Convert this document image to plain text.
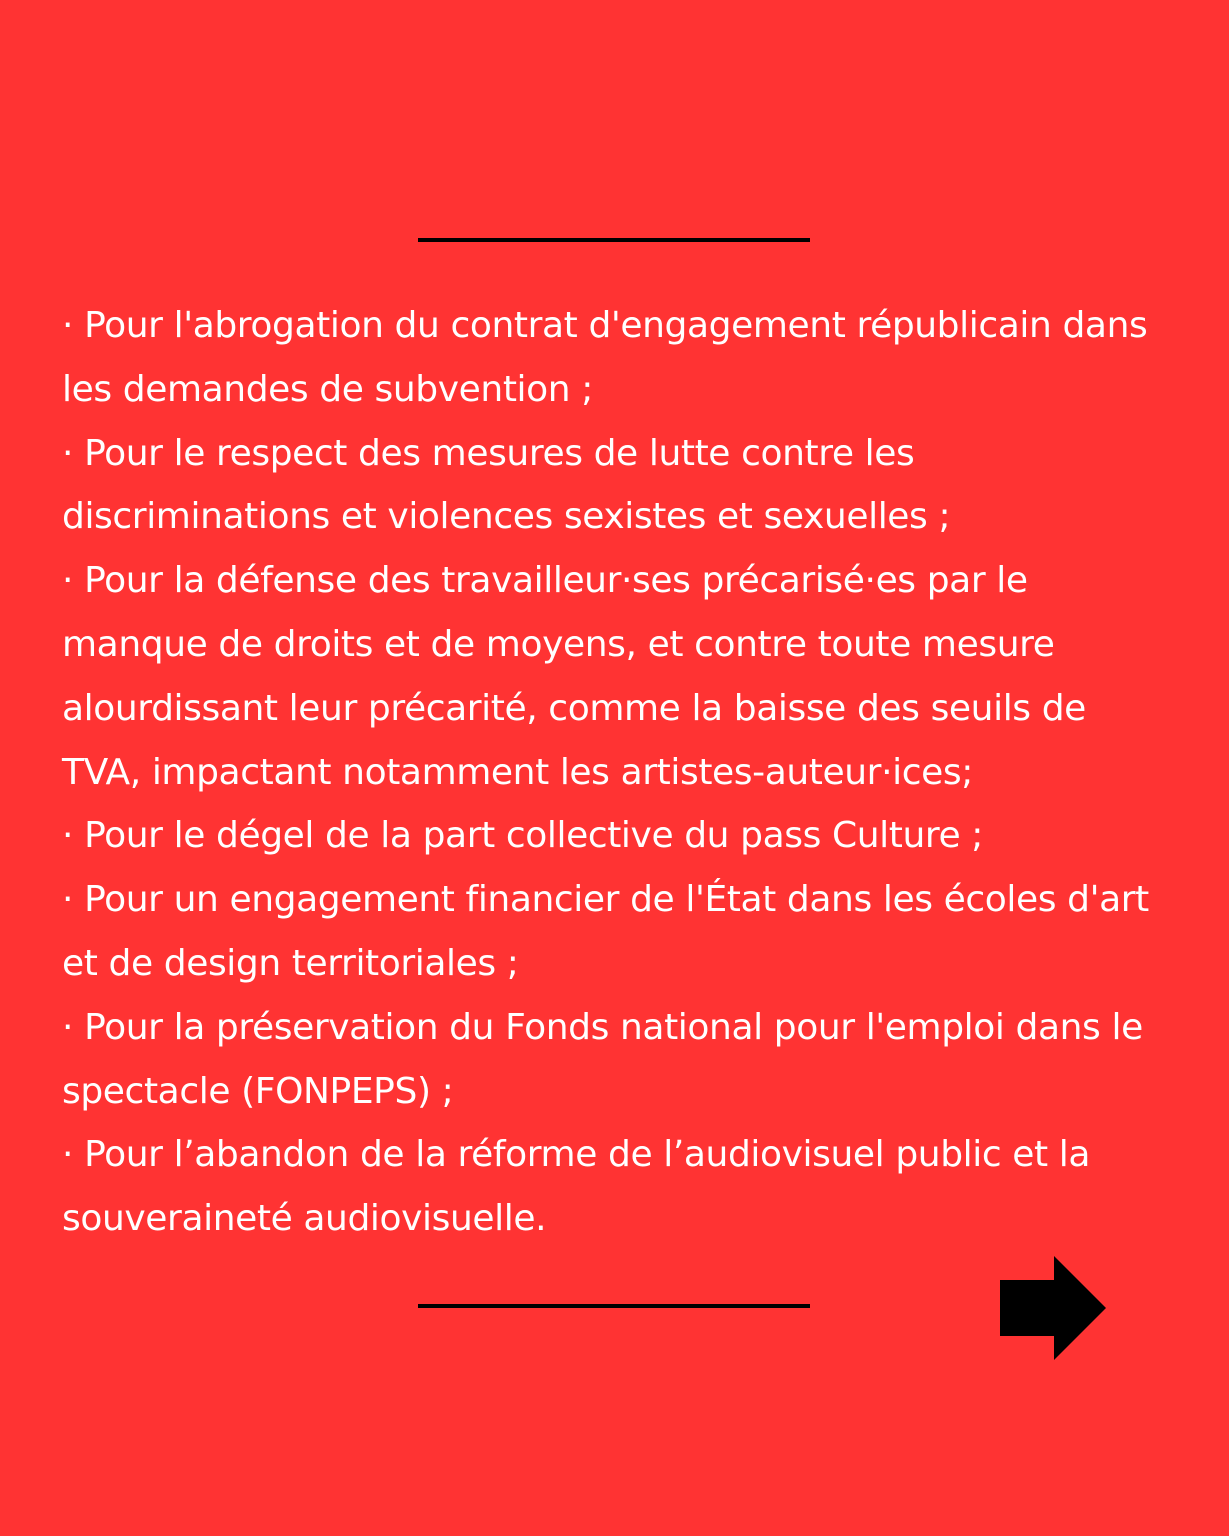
· Pour l'abrogation du contrat d'engagement républicain dans les demandes de subvention ;

· Pour le respect des mesures de lutte contre les discriminations et violences sexistes et sexuelles ;

· Pour la défense des travailleur·ses précarisé·es par le manque de droits et de moyens, et contre toute mesure alourdissant leur précarité, comme la baisse des seuils de TVA, impactant notamment les artistes-auteur·ices;

· Pour le dégel de la part collective du pass Culture ;

· Pour un engagement financier de l'État dans les écoles d'art et de design territoriales ;

· Pour la préservation du Fonds national pour l'emploi dans le spectacle (FONPEPS) ;

· Pour l’abandon de la réforme de l’audiovisuel public et la souveraineté audiovisuelle.
